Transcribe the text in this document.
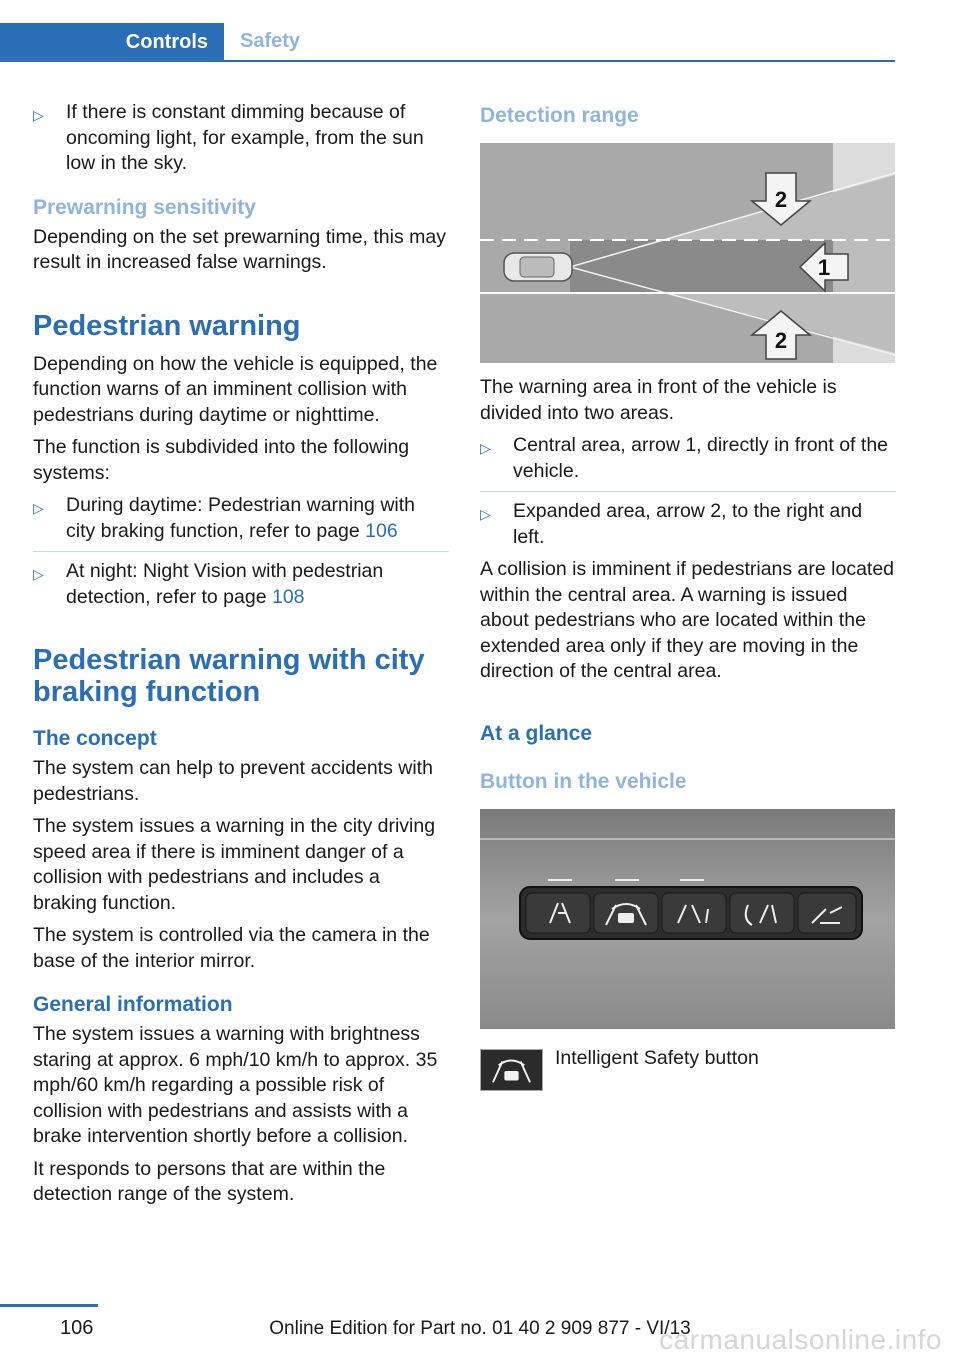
Controls	Safety
▷ If there is constant dimming because of oncoming light, for example, from the sun low in the sky.
Prewarning sensitivity

Depending on the set prewarning time, this may result in increased false warnings.

Pedestrian warning

Depending on how the vehicle is equipped, the function warns of an imminent collision with pedestrians during daytime or nighttime.

The function is subdivided into the following systems:

▷ During daytime: Pedestrian warning with city braking function, refer to page 106
▷ At night: Night Vision with pedestrian detection, refer to page 108
Pedestrian warning with city braking function
The concept

The system can help to prevent accidents with pedestrians.

The system issues a warning in the city driving speed area if there is imminent danger of a collision with pedestrians and includes a braking function.

The system is controlled via the camera in the base of the interior mirror.

General information

The system issues a warning with brightness staring at approx. 6 mph/10 km/h to approx. 35 mph/60 km/h regarding a possible risk of collision with pedestrians and assists with a brake intervention shortly before a collision.

It responds to persons that are within the detection range of the system.

Detection range
2
1
2

The warning area in front of the vehicle is divided into two areas.

▷ Central area, arrow 1, directly in front of the vehicle.
▷ Expanded area, arrow 2, to the right and left.

A collision is imminent if pedestrians are located within the central area. A warning is issued about pedestrians who are located within the extended area only if they are moving in the direction of the central area.

At a glance
Button in the vehicle
Intelligent Safety button
106	Online Edition for Part no. 01 40 2 909 877 - VI/13
carmanualsonline.info
